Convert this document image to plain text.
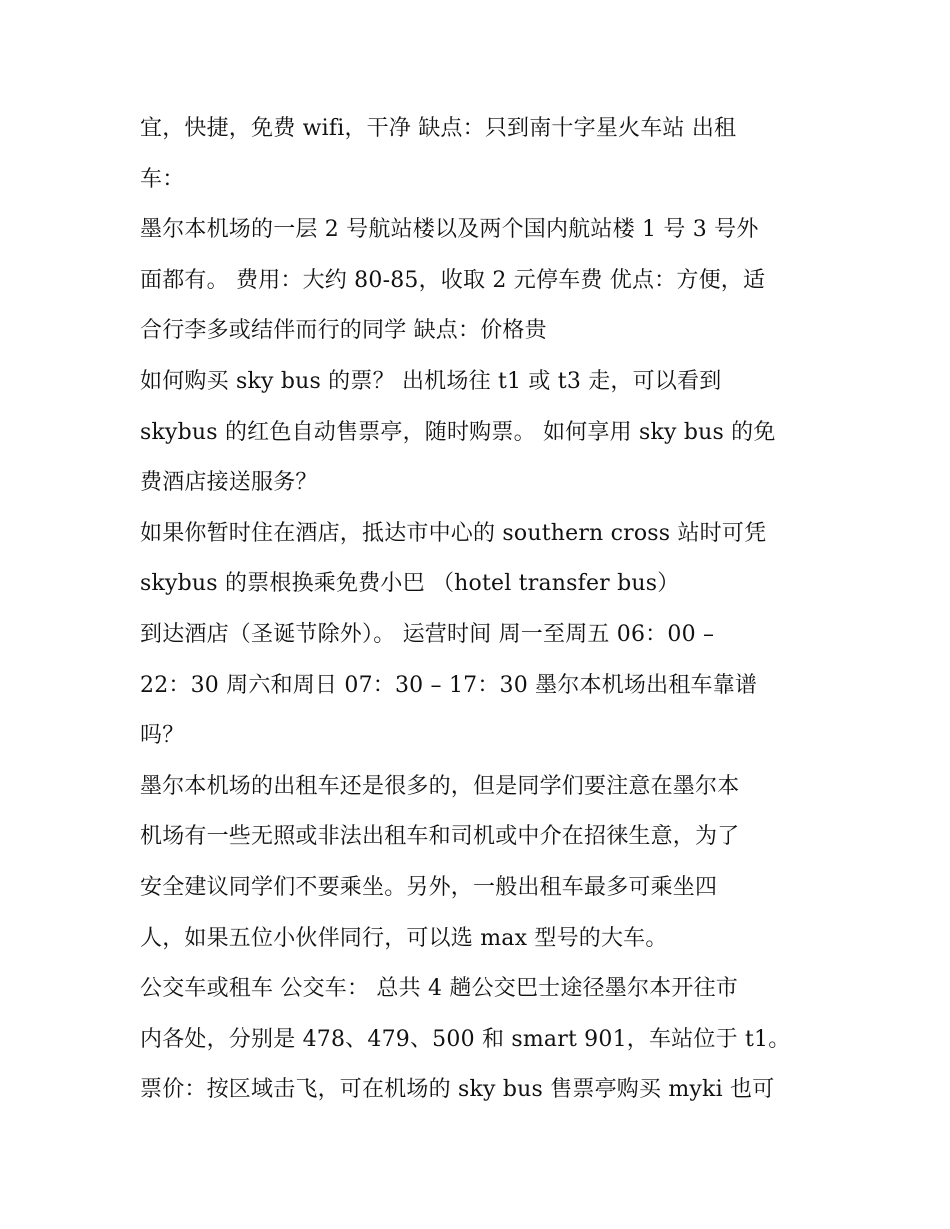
宜，快捷，免费 wifi，干净 缺点：只到南十字星火车站 出租
车：
墨尔本机场的一层 2 号航站楼以及两个国内航站楼 1 号 3 号外
面都有。 费用：大约 80-85，收取 2 元停车费 优点：方便，适
合行李多或结伴而行的同学 缺点：价格贵
如何购买 sky bus 的票？ 出机场往 t1 或 t3 走，可以看到
skybus 的红色自动售票亭，随时购票。 如何享用 sky bus 的免
费酒店接送服务？
如果你暂时住在酒店，抵达市中心的 southern cross 站时可凭
skybus 的票根换乘免费小巴 （hotel transfer bus）
到达酒店（圣诞节除外）。 运营时间 周一至周五 06：00 –
22：30 周六和周日 07：30 – 17：30 墨尔本机场出租车靠谱
吗？
墨尔本机场的出租车还是很多的，但是同学们要注意在墨尔本
机场有一些无照或非法出租车和司机或中介在招徕生意，为了
安全建议同学们不要乘坐。另外，一般出租车最多可乘坐四
人，如果五位小伙伴同行，可以选 max 型号的大车。
公交车或租车 公交车： 总共 4 趟公交巴士途径墨尔本开往市
内各处，分别是 478、479、500 和 smart 901，车站位于 t1。
票价：按区域击飞，可在机场的 sky bus 售票亭购买 myki 也可
